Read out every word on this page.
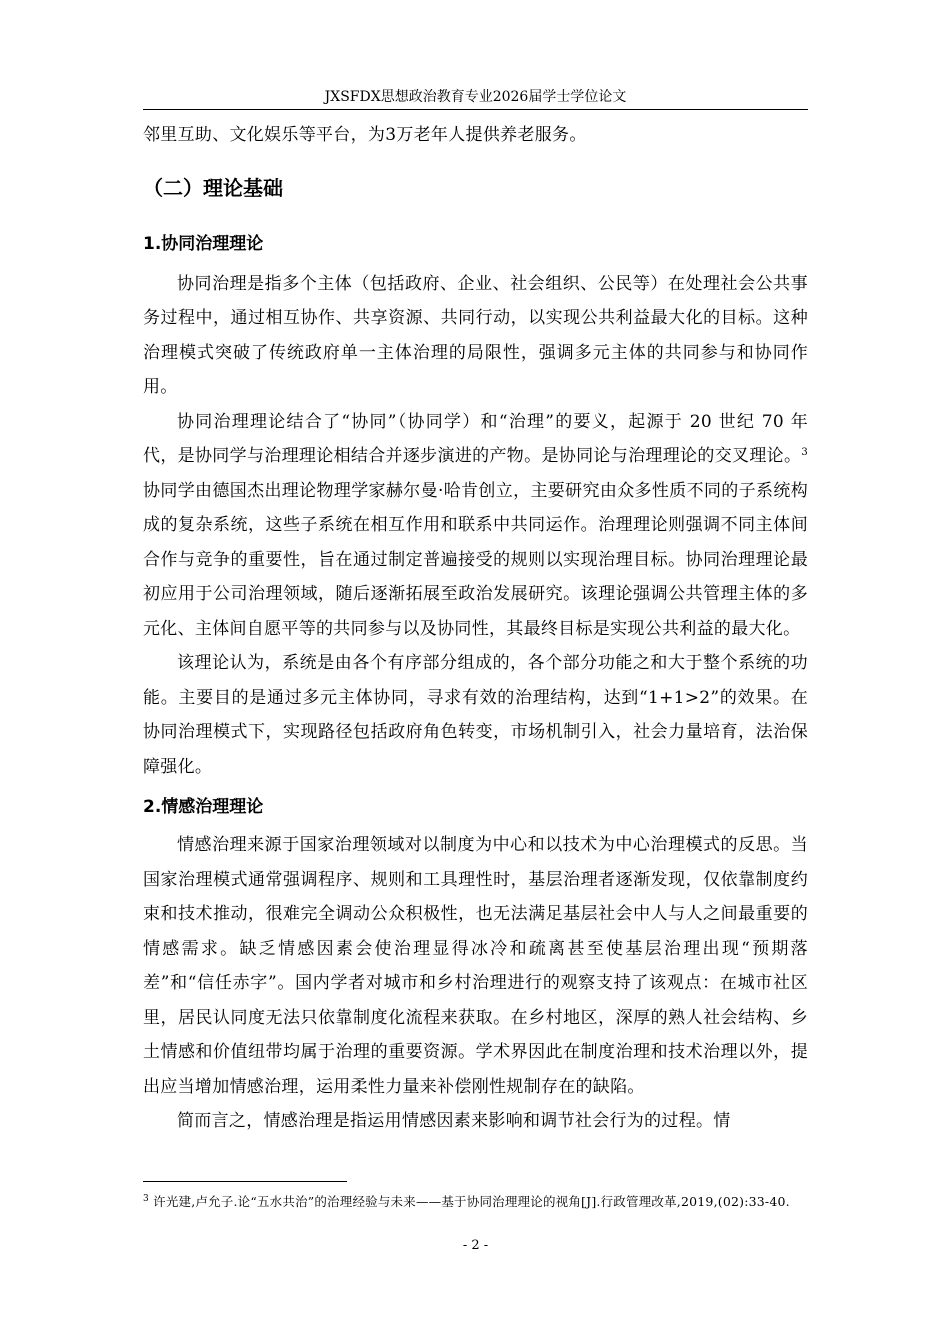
JXSFDX思想政治教育专业2026届学士学位论文

邻里互助、文化娱乐等平台，为3万老年人提供养老服务。

（二）理论基础
1.协同治理理论

协同治理是指多个主体（包括政府、企业、社会组织、公民等）在处理社会公共事务过程中，通过相互协作、共享资源、共同行动，以实现公共利益最大化的目标。这种治理模式突破了传统政府单一主体治理的局限性，强调多元主体的共同参与和协同作用。

协同治理理论结合了“协同”（协同学）和“治理”的要义，起源于 20 世纪 70 年代，是协同学与治理理论相结合并逐步演进的产物。是协同论与治理理论的交叉理论。$^3$协同学由德国杰出理论物理学家赫尔曼·哈肯创立，主要研究由众多性质不同的子系统构成的复杂系统，这些子系统在相互作用和联系中共同运作。治理理论则强调不同主体间合作与竞争的重要性，旨在通过制定普遍接受的规则以实现治理目标。协同治理理论最初应用于公司治理领域，随后逐渐拓展至政治发展研究。该理论强调公共管理主体的多元化、主体间自愿平等的共同参与以及协同性，其最终目标是实现公共利益的最大化。

该理论认为，系统是由各个有序部分组成的，各个部分功能之和大于整个系统的功能。主要目的是通过多元主体协同，寻求有效的治理结构，达到“1+1>2”的效果。在协同治理模式下，实现路径包括政府角色转变，市场机制引入，社会力量培育，法治保障强化。

2.情感治理理论

情感治理来源于国家治理领域对以制度为中心和以技术为中心治理模式的反思。当国家治理模式通常强调程序、规则和工具理性时，基层治理者逐渐发现，仅依靠制度约束和技术推动，很难完全调动公众积极性，也无法满足基层社会中人与人之间最重要的情感需求。缺乏情感因素会使治理显得冰冷和疏离甚至使基层治理出现“预期落差”和“信任赤字”。国内学者对城市和乡村治理进行的观察支持了该观点：在城市社区里，居民认同度无法只依靠制度化流程来获取。在乡村地区，深厚的熟人社会结构、乡土情感和价值纽带均属于治理的重要资源。学术界因此在制度治理和技术治理以外，提出应当增加情感治理，运用柔性力量来补偿刚性规制存在的缺陷。

简而言之，情感治理是指运用情感因素来影响和调节社会行为的过程。情

$^3$ 许光建,卢允子.论“五水共治”的治理经验与未来——基于协同治理理论的视角[J].行政管理改革,2019,(02):33-40.
- 2 -
